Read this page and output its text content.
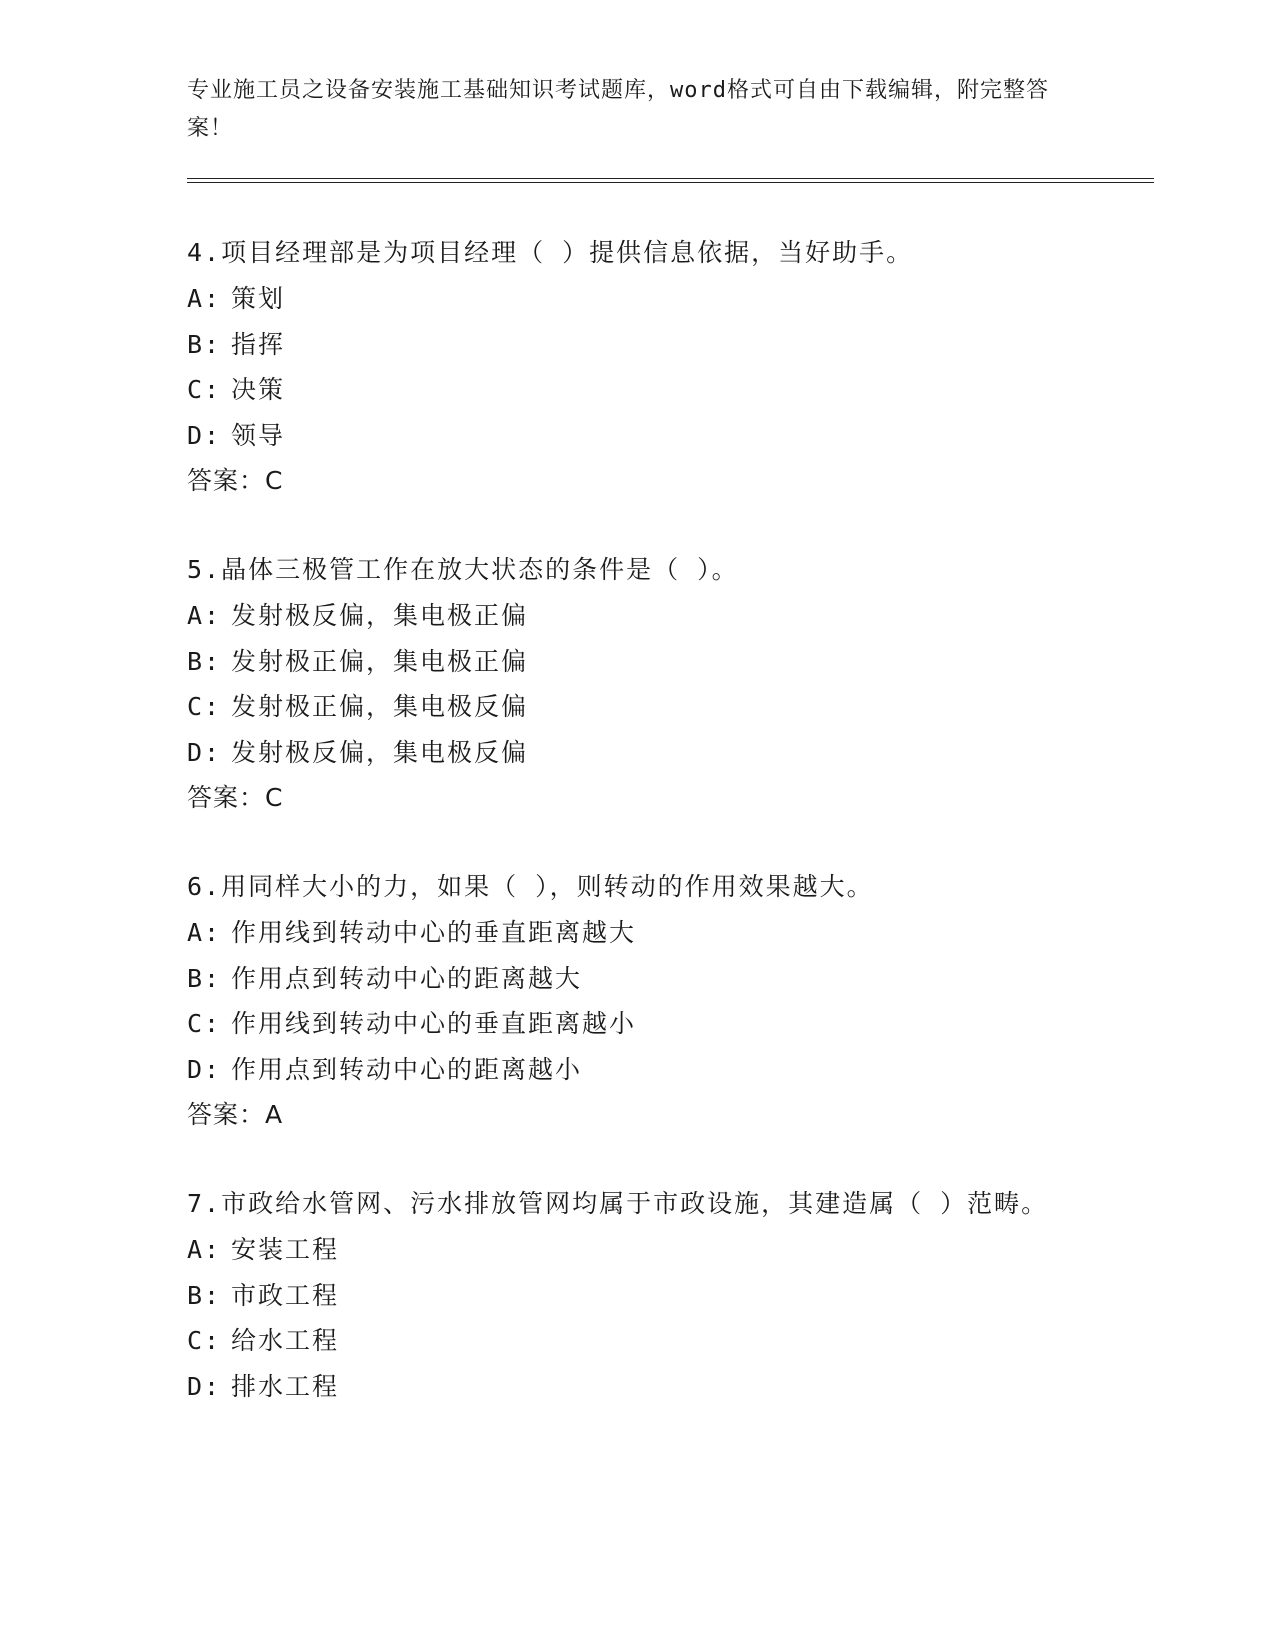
专业施工员之设备安装施工基础知识考试题库，word格式可自由下载编辑，附完整答案！

4.项目经理部是为项目经理（ ）提供信息依据，当好助手。

A: 策划

B: 指挥

C: 决策

D: 领导

答案：C

5.晶体三极管工作在放大状态的条件是（ ）。

A: 发射极反偏，集电极正偏

B: 发射极正偏，集电极正偏

C: 发射极正偏，集电极反偏

D: 发射极反偏，集电极反偏

答案：C

6.用同样大小的力，如果（ ），则转动的作用效果越大。

A: 作用线到转动中心的垂直距离越大

B: 作用点到转动中心的距离越大

C: 作用线到转动中心的垂直距离越小

D: 作用点到转动中心的距离越小

答案：A

7.市政给水管网、污水排放管网均属于市政设施，其建造属（ ）范畴。

A: 安装工程

B: 市政工程

C: 给水工程

D: 排水工程
